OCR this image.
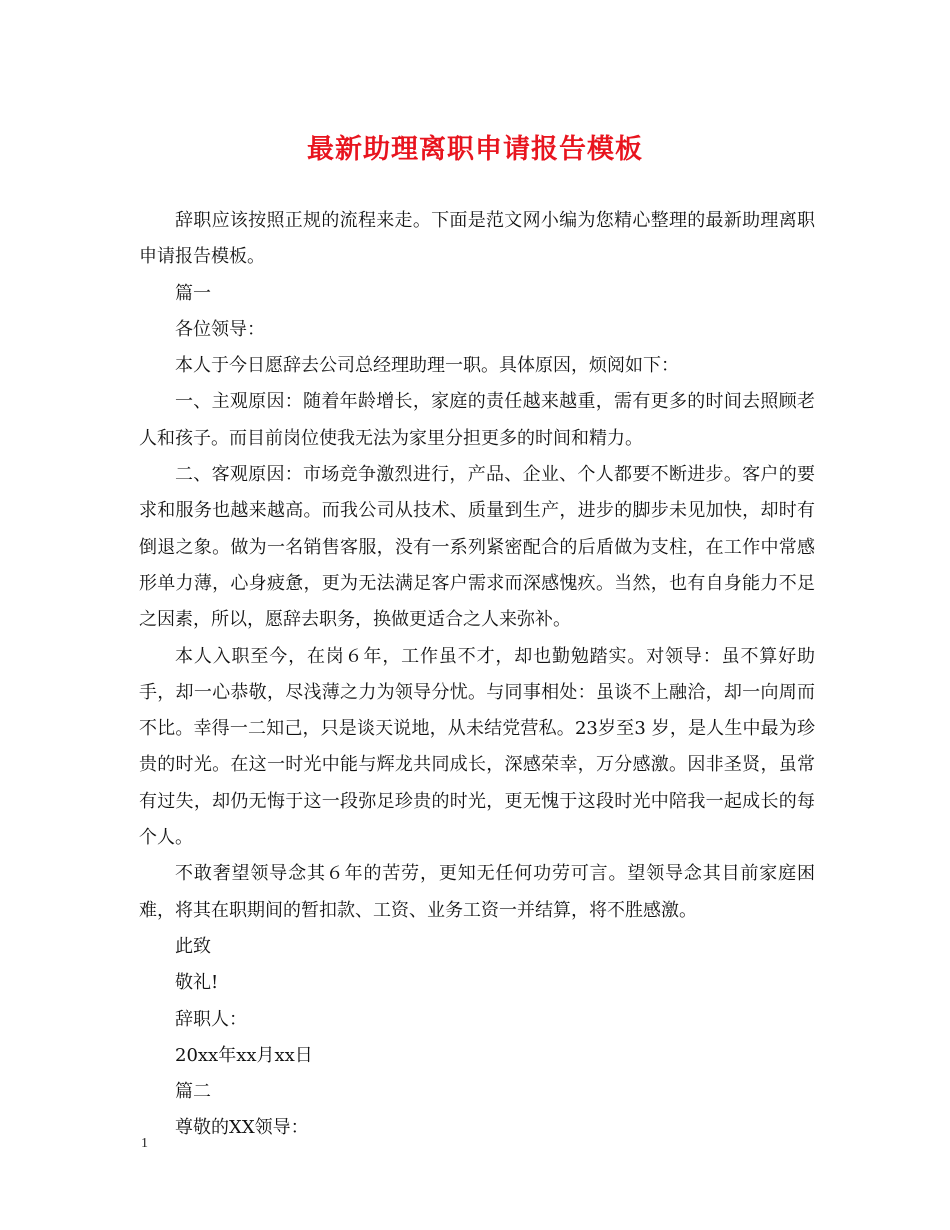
最新助理离职申请报告模板

辞职应该按照正规的流程来走。下面是范文网小编为您精心整理的最新助理离职申请报告模板。

篇一

各位领导：

本人于今日愿辞去公司总经理助理一职。具体原因，烦阅如下：

一、主观原因：随着年龄增长，家庭的责任越来越重，需有更多的时间去照顾老人和孩子。而目前岗位使我无法为家里分担更多的时间和精力。

二、客观原因：市场竞争激烈进行，产品、企业、个人都要不断进步。客户的要求和服务也越来越高。而我公司从技术、质量到生产，进步的脚步未见加快，却时有倒退之象。做为一名销售客服，没有一系列紧密配合的后盾做为支柱，在工作中常感形单力薄，心身疲惫，更为无法满足客户需求而深感愧疚。当然，也有自身能力不足之因素，所以，愿辞去职务，换做更适合之人来弥补。

本人入职至今，在岗６年，工作虽不才，却也勤勉踏实。对领导：虽不算好助手，却一心恭敬，尽浅薄之力为领导分忧。与同事相处：虽谈不上融洽，却一向周而不比。幸得一二知己，只是谈天说地，从未结党营私。23岁至3 岁，是人生中最为珍贵的时光。在这一时光中能与辉龙共同成长，深感荣幸，万分感激。因非圣贤，虽常有过失，却仍无悔于这一段弥足珍贵的时光，更无愧于这段时光中陪我一起成长的每个人。

不敢奢望领导念其６年的苦劳，更知无任何功劳可言。望领导念其目前家庭困难，将其在职期间的暂扣款、工资、业务工资一并结算，将不胜感激。

此致

敬礼!

辞职人：

20xx年xx月xx日

篇二

尊敬的XX领导：

1
